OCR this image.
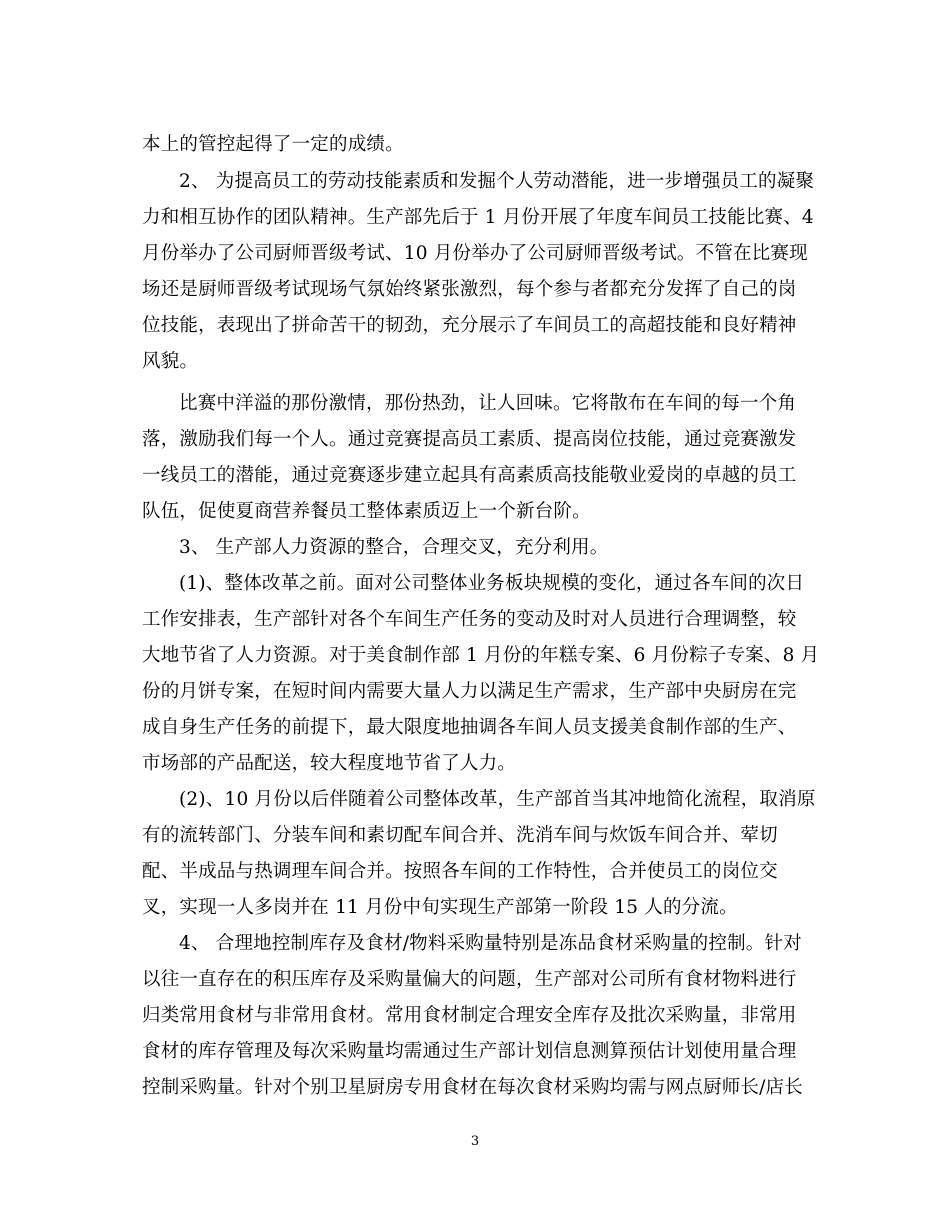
本上的管控起得了一定的成绩。
2、 为提高员工的劳动技能素质和发掘个人劳动潜能，进一步增强员工的凝聚
力和相互协作的团队精神。生产部先后于 1 月份开展了年度车间员工技能比赛、4
月份举办了公司厨师晋级考试、10 月份举办了公司厨师晋级考试。不管在比赛现
场还是厨师晋级考试现场气氛始终紧张激烈，每个参与者都充分发挥了自己的岗
位技能，表现出了拼命苦干的韧劲，充分展示了车间员工的高超技能和良好精神
风貌。
比赛中洋溢的那份激情，那份热劲，让人回味。它将散布在车间的每一个角
落，激励我们每一个人。通过竞赛提高员工素质、提高岗位技能，通过竞赛激发
一线员工的潜能，通过竞赛逐步建立起具有高素质高技能敬业爱岗的卓越的员工
队伍，促使夏商营养餐员工整体素质迈上一个新台阶。
3、 生产部人力资源的整合，合理交叉，充分利用。
(1)、整体改革之前。面对公司整体业务板块规模的变化，通过各车间的次日
工作安排表，生产部针对各个车间生产任务的变动及时对人员进行合理调整，较
大地节省了人力资源。对于美食制作部 1 月份的年糕专案、6 月份粽子专案、8 月
份的月饼专案，在短时间内需要大量人力以满足生产需求，生产部中央厨房在完
成自身生产任务的前提下，最大限度地抽调各车间人员支援美食制作部的生产、
市场部的产品配送，较大程度地节省了人力。
(2)、10 月份以后伴随着公司整体改革，生产部首当其冲地简化流程，取消原
有的流转部门、分装车间和素切配车间合并、洗消车间与炊饭车间合并、荤切
配、半成品与热调理车间合并。按照各车间的工作特性，合并使员工的岗位交
叉，实现一人多岗并在 11 月份中旬实现生产部第一阶段 15 人的分流。
4、 合理地控制库存及食材/物料采购量特别是冻品食材采购量的控制。针对
以往一直存在的积压库存及采购量偏大的问题，生产部对公司所有食材物料进行
归类常用食材与非常用食材。常用食材制定合理安全库存及批次采购量，非常用
食材的库存管理及每次采购量均需通过生产部计划信息测算预估计划使用量合理
控制采购量。针对个别卫星厨房专用食材在每次食材采购均需与网点厨师长/店长
3
